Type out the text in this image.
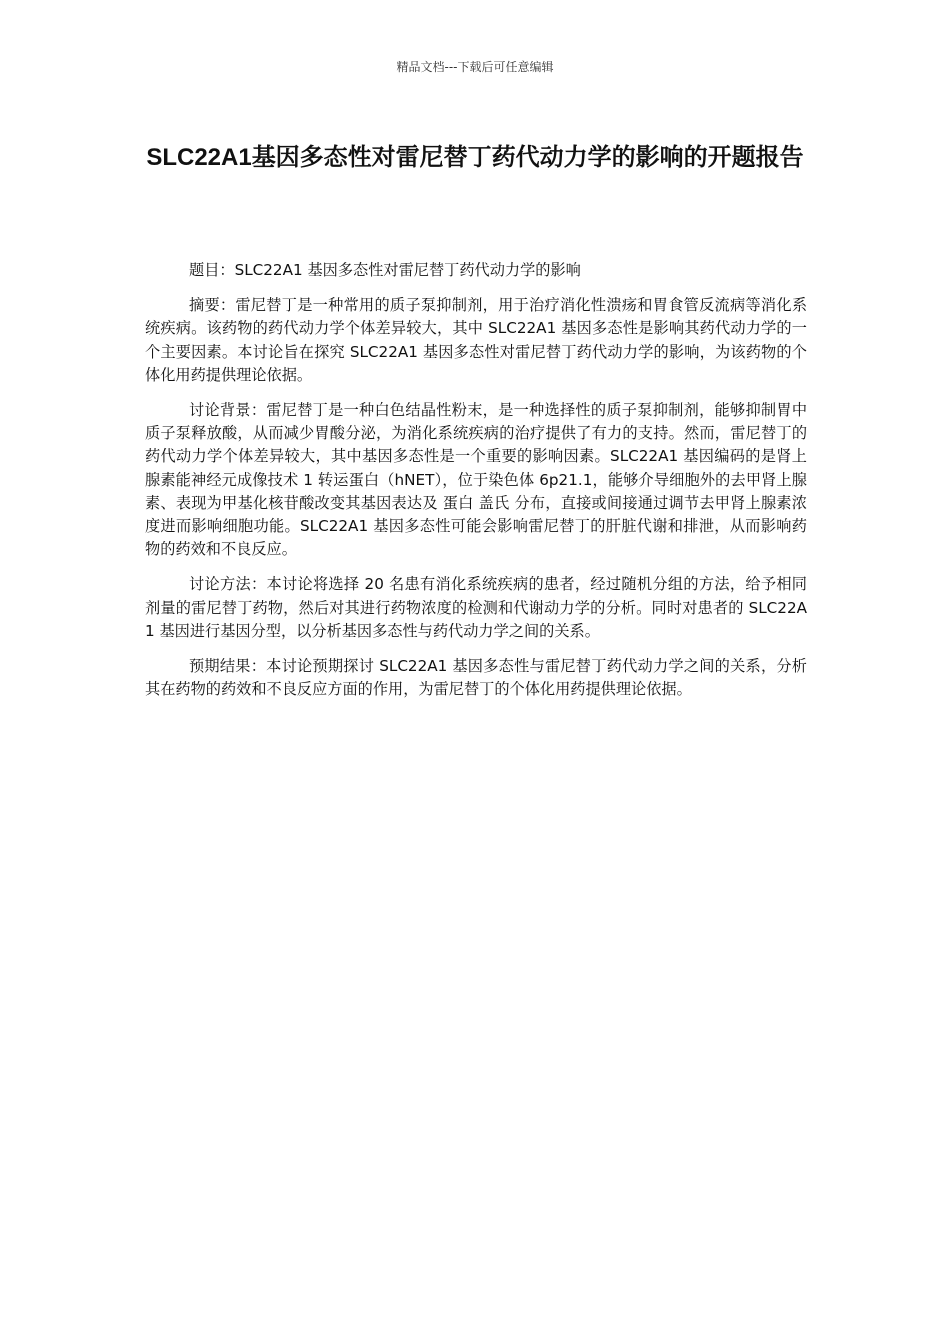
精品文档---下载后可任意编辑
SLC22A1基因多态性对雷尼替丁药代动力学的影响的开题报告

题目：SLC22A1 基因多态性对雷尼替丁药代动力学的影响

摘要：雷尼替丁是一种常用的质子泵抑制剂，用于治疗消化性溃疡和胃食管反流病等消化系统疾病。该药物的药代动力学个体差异较大，其中 SLC22A1 基因多态性是影响其药代动力学的一个主要因素。本讨论旨在探究 SLC22A1 基因多态性对雷尼替丁药代动力学的影响，为该药物的个体化用药提供理论依据。

讨论背景：雷尼替丁是一种白色结晶性粉末，是一种选择性的质子泵抑制剂，能够抑制胃中质子泵释放酸，从而减少胃酸分泌，为消化系统疾病的治疗提供了有力的支持。然而，雷尼替丁的药代动力学个体差异较大，其中基因多态性是一个重要的影响因素。SLC22A1 基因编码的是肾上腺素能神经元成像技术 1 转运蛋白（hNET），位于染色体 6p21.1，能够介导细胞外的去甲肾上腺素、表现为甲基化核苷酸改变其基因表达及 蛋白 盖氏 分布，直接或间接通过调节去甲肾上腺素浓度进而影响细胞功能。SLC22A1 基因多态性可能会影响雷尼替丁的肝脏代谢和排泄，从而影响药物的药效和不良反应。

讨论方法：本讨论将选择 20 名患有消化系统疾病的患者，经过随机分组的方法，给予相同剂量的雷尼替丁药物，然后对其进行药物浓度的检测和代谢动力学的分析。同时对患者的 SLC22A1 基因进行基因分型，以分析基因多态性与药代动力学之间的关系。

预期结果：本讨论预期探讨 SLC22A1 基因多态性与雷尼替丁药代动力学之间的关系，分析其在药物的药效和不良反应方面的作用，为雷尼替丁的个体化用药提供理论依据。
